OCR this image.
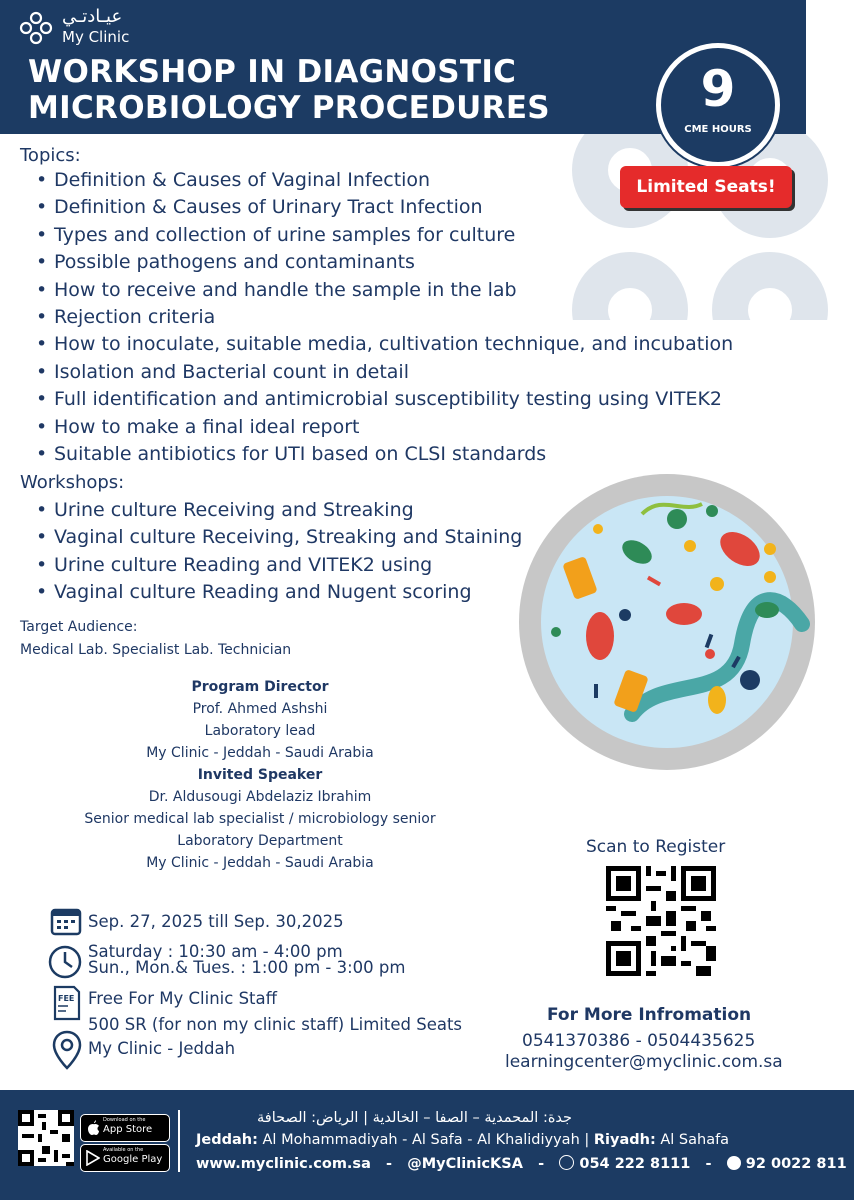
عيـادتـي
My Clinic
WORKSHOP IN DIAGNOSTIC
MICROBIOLOGY PROCEDURES	9
CME HOURS
Limited Seats!
Topics:
• Definition & Causes of Vaginal Infection
• Definition & Causes of Urinary Tract Infection
• Types and collection of urine samples for culture
• Possible pathogens and contaminants
• How to receive and handle the sample in the lab
• Rejection criteria
• How to inoculate, suitable media, cultivation technique, and incubation
• Isolation and Bacterial count in detail
• Full identification and antimicrobial susceptibility testing using VITEK2
• How to make a final ideal report
• Suitable antibiotics for UTI based on CLSI standards
Workshops:
• Urine culture Receiving and Streaking
• Vaginal culture Receiving, Streaking and Staining
• Urine culture Reading and VITEK2 using
• Vaginal culture Reading and Nugent scoring
Target Audience:
Medical Lab. Specialist Lab. Technician
Program Director
Prof. Ahmed Ashshi
Laboratory lead
My Clinic - Jeddah - Saudi Arabia
Invited Speaker
Dr. Aldusougi Abdelaziz Ibrahim
Senior medical lab specialist / microbiology senior
Laboratory Department
My Clinic - Jeddah - Saudi Arabia
Scan to Register
For More Infromation
0541370386 - 0504435625
learningcenter@myclinic.com.sa
Sep. 27, 2025 till Sep. 30,2025
Saturday : 10:30 am - 4:00 pm
Sun., Mon.& Tues. : 1:00 pm - 3:00 pm
FEE Free For My Clinic Staff
500 SR (for non my clinic staff) Limited Seats
My Clinic - Jeddah
Download on the
App Store
Available on the
Google Play
جدة: المحمدية – الصفا – الخالدية | الرياض: الصحافة
Jeddah: Al Mohammadiyah - Al Safa - Al Khalidiyyah | Riyadh: Al Sahafa
www.myclinic.com.sa   -   @MyClinicKSA   -    054 222 8111   -    92 0022 811
